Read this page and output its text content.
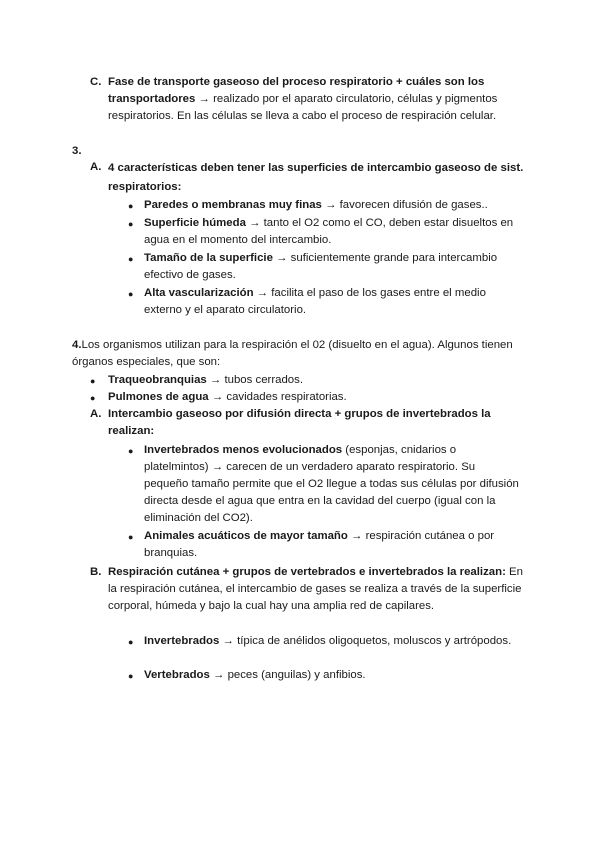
C. Fase de transporte gaseoso del proceso respiratorio + cuáles son los transportadores → realizado por el aparato circulatorio, células y pigmentos respiratorios. En las células se lleva a cabo el proceso de respiración celular.

3.
A. 4 características deben tener las superficies de intercambio gaseoso de sist. respiratorios:

● Paredes o membranas muy finas → favorecen difusión de gases..

● Superficie húmeda → tanto el O2 como el CO, deben estar disueltos en agua en el momento del intercambio.

● Tamaño de la superficie → suficientemente grande para intercambio efectivo de gases.

● Alta vascularización → facilita el paso de los gases entre el medio externo y el aparato circulatorio.

4.Los organismos utilizan para la respiración el 02 (disuelto en el agua). Algunos tienen órganos especiales, que son:

● Traqueobranquias → tubos cerrados.

● Pulmones de agua → cavidades respiratorias.

A. Intercambio gaseoso por difusión directa + grupos de invertebrados la realizan:

● Invertebrados menos evolucionados (esponjas, cnidarios o platelmintos) → carecen de un verdadero aparato respiratorio. Su pequeño tamaño permite que el O2 llegue a todas sus células por difusión directa desde el agua que entra en la cavidad del cuerpo (igual con la eliminación del CO2).

● Animales acuáticos de mayor tamaño → respiración cutánea o por branquias.

B. Respiración cutánea + grupos de vertebrados e invertebrados la realizan: En la respiración cutánea, el intercambio de gases se realiza a través de la superficie corporal, húmeda y bajo la cual hay una amplia red de capilares.

● Invertebrados → típica de anélidos oligoquetos, moluscos y artrópodos.

● Vertebrados → peces (anguilas) y anfibios.
